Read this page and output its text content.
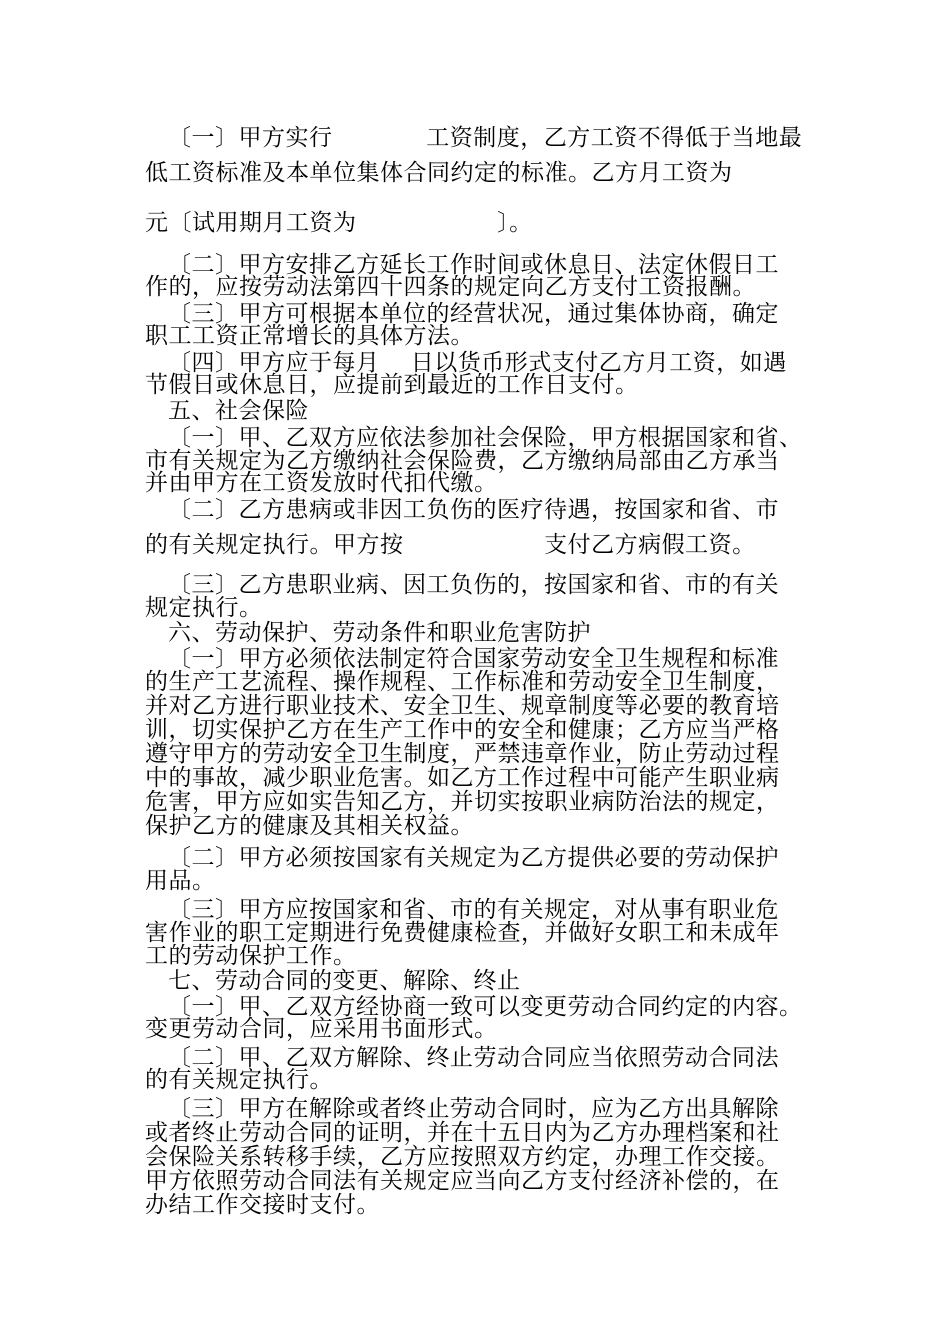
〔一〕甲方实行            工资制度，乙方工资不得低于当地最
低工资标准及本单位集体合同约定的标准。乙方月工资为
元〔试用期月工资为                  〕。
〔二〕甲方安排乙方延长工作时间或休息日、法定休假日工
作的，应按劳动法第四十四条的规定向乙方支付工资报酬。
〔三〕甲方可根据本单位的经营状况，通过集体协商，确定
职工工资正常增长的具体方法。
〔四〕甲方应于每月    日以货币形式支付乙方月工资，如遇
节假日或休息日，应提前到最近的工作日支付。
五、社会保险
〔一〕甲、乙双方应依法参加社会保险，甲方根据国家和省、
市有关规定为乙方缴纳社会保险费，乙方缴纳局部由乙方承当
并由甲方在工资发放时代扣代缴。
〔二〕乙方患病或非因工负伤的医疗待遇，按国家和省、市
的有关规定执行。甲方按                  支付乙方病假工资。
〔三〕乙方患职业病、因工负伤的，按国家和省、市的有关
规定执行。
六、劳动保护、劳动条件和职业危害防护
〔一〕甲方必须依法制定符合国家劳动安全卫生规程和标准
的生产工艺流程、操作规程、工作标准和劳动安全卫生制度，
并对乙方进行职业技术、安全卫生、规章制度等必要的教育培
训，切实保护乙方在生产工作中的安全和健康；乙方应当严格
遵守甲方的劳动安全卫生制度，严禁违章作业，防止劳动过程
中的事故，减少职业危害。如乙方工作过程中可能产生职业病
危害，甲方应如实告知乙方，并切实按职业病防治法的规定，
保护乙方的健康及其相关权益。
〔二〕甲方必须按国家有关规定为乙方提供必要的劳动保护
用品。
〔三〕甲方应按国家和省、市的有关规定，对从事有职业危
害作业的职工定期进行免费健康检查，并做好女职工和未成年
工的劳动保护工作。
七、劳动合同的变更、解除、终止
〔一〕甲、乙双方经协商一致可以变更劳动合同约定的内容。
变更劳动合同，应采用书面形式。
〔二〕甲、乙双方解除、终止劳动合同应当依照劳动合同法
的有关规定执行。
〔三〕甲方在解除或者终止劳动合同时，应为乙方出具解除
或者终止劳动合同的证明，并在十五日内为乙方办理档案和社
会保险关系转移手续，乙方应按照双方约定，办理工作交接。
甲方依照劳动合同法有关规定应当向乙方支付经济补偿的，在
办结工作交接时支付。
